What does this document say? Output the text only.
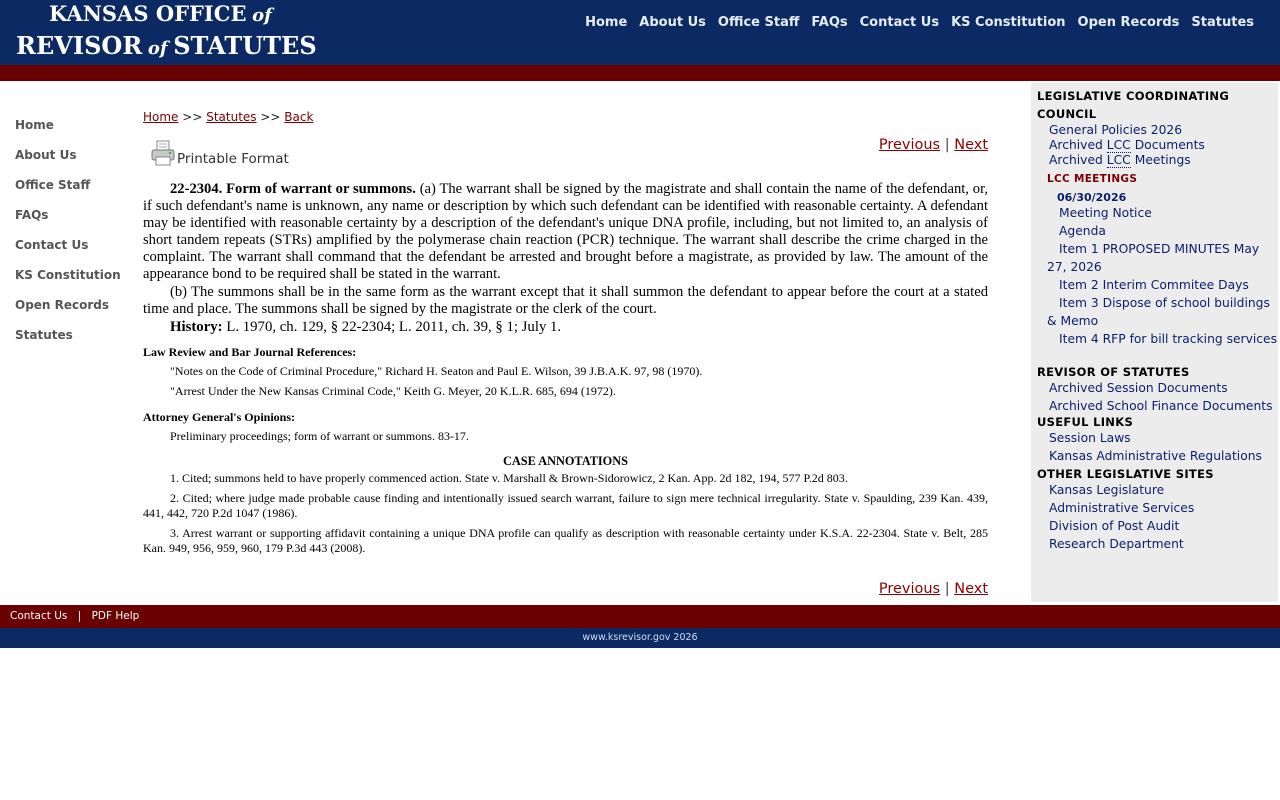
KANSAS OFFICE of
REVISOR of STATUTES
Home About Us Office Staff FAQs Contact Us KS Constitution Open Records Statutes
Home
About Us
Office Staff
FAQs
Contact Us
KS Constitution
Open Records
Statutes
Home >> Statutes >> Back
Printable Format
Previous | Next

22-2304. Form of warrant or summons. (a) The warrant shall be signed by the magistrate and shall contain the name of the defendant, or, if such defendant's name is unknown, any name or description by which such defendant can be identified with reasonable certainty. A defendant may be identified with reasonable certainty by a description of the defendant's unique DNA profile, including, but not limited to, an analysis of short tandem repeats (STRs) amplified by the polymerase chain reaction (PCR) technique. The warrant shall describe the crime charged in the complaint. The warrant shall command that the defendant be arrested and brought before a magistrate, as provided by law. The amount of the appearance bond to be required shall be stated in the warrant.

(b) The summons shall be in the same form as the warrant except that it shall summon the defendant to appear before the court at a stated time and place. The summons shall be signed by the magistrate or the clerk of the court.

History: L. 1970, ch. 129, § 22-2304; L. 2011, ch. 39, § 1; July 1.

Law Review and Bar Journal References:
"Notes on the Code of Criminal Procedure," Richard H. Seaton and Paul E. Wilson, 39 J.B.A.K. 97, 98 (1970).
"Arrest Under the New Kansas Criminal Code," Keith G. Meyer, 20 K.L.R. 685, 694 (1972).
Attorney General's Opinions:
Preliminary proceedings; form of warrant or summons. 83-17.
CASE ANNOTATIONS
1. Cited; summons held to have properly commenced action. State v. Marshall & Brown-Sidorowicz, 2 Kan. App. 2d 182, 194, 577 P.2d 803.
2. Cited; where judge made probable cause finding and intentionally issued search warrant, failure to sign mere technical irregularity. State v. Spaulding, 239 Kan. 439, 441, 442, 720 P.2d 1047 (1986).
3. Arrest warrant or supporting affidavit containing a unique DNA profile can qualify as description with reasonable certainty under K.S.A. 22-2304. State v. Belt, 285 Kan. 949, 956, 959, 960, 179 P.3d 443 (2008).
Previous | Next
LEGISLATIVE COORDINATING
COUNCIL
General Policies 2026
Archived LCC Documents
Archived LCC Meetings
LCC MEETINGS
06/30/2026
Meeting Notice
Agenda
Item 1 PROPOSED MINUTES May 27, 2026
Item 2 Interim Commitee Days
Item 3 Dispose of school buildings & Memo
Item 4 RFP for bill tracking services
REVISOR OF STATUTES
Archived Session Documents
Archived School Finance Documents
USEFUL LINKS
Session Laws
Kansas Administrative Regulations
OTHER LEGISLATIVE SITES
Kansas Legislature
Administrative Services
Division of Post Audit
Research Department
Contact Us | PDF Help
www.ksrevisor.gov 2026
